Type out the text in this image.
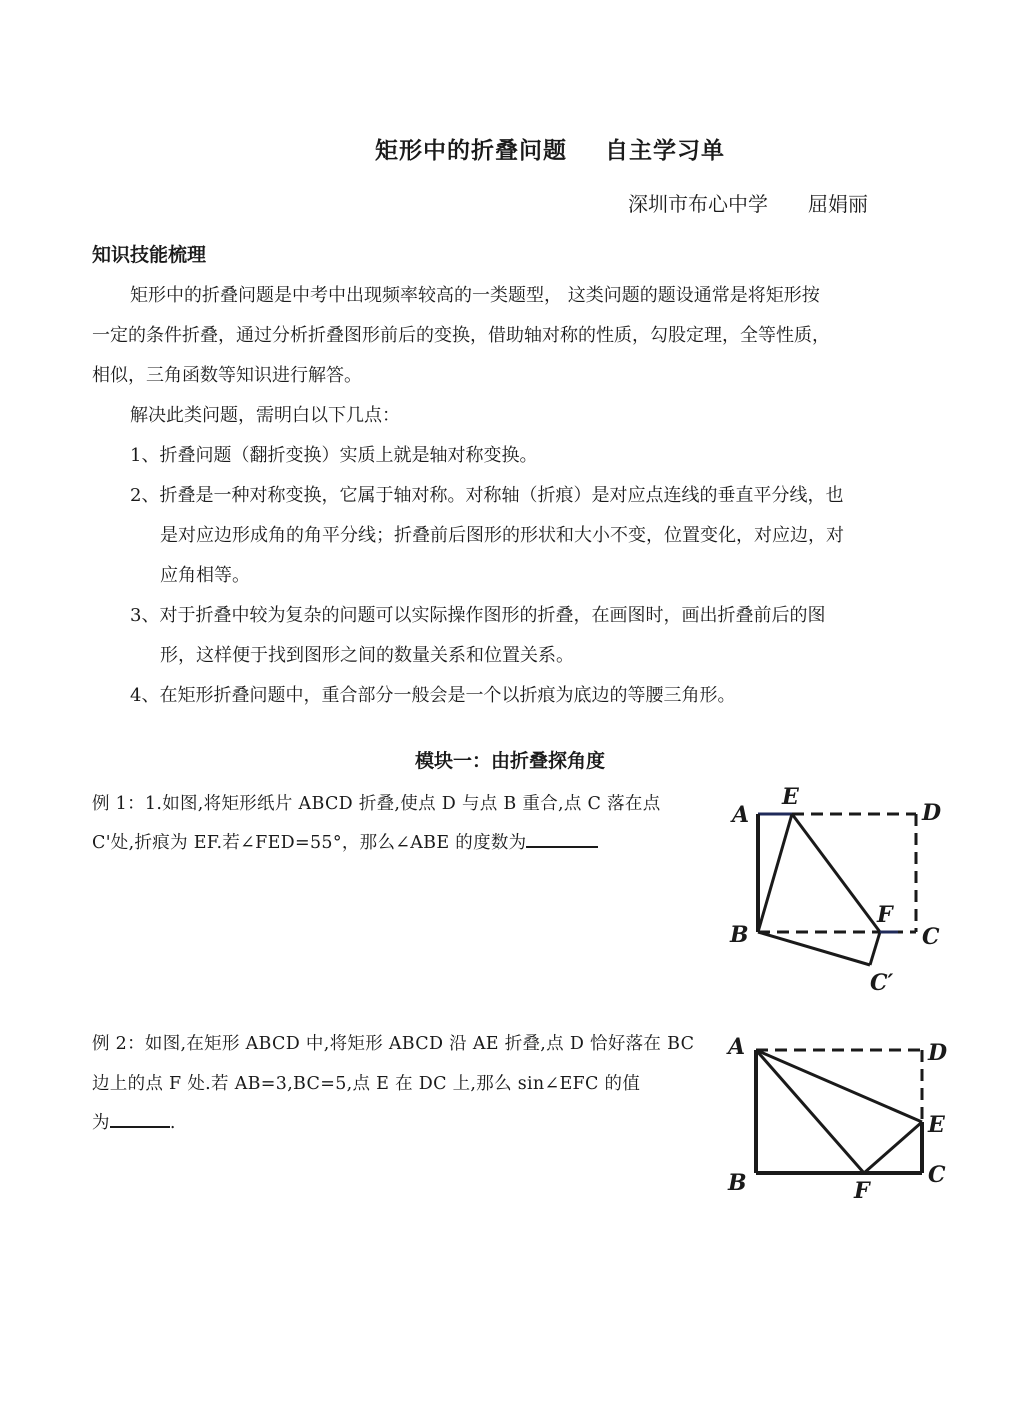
矩形中的折叠问题 自主学习单
深圳市布心中学 屈娟丽
知识技能梳理
矩形中的折叠问题是中考中出现频率较高的一类题型， 这类问题的题设通常是将矩形按
一定的条件折叠，通过分析折叠图形前后的变换，借助轴对称的性质，勾股定理，全等性质，
相似，三角函数等知识进行解答。
解决此类问题，需明白以下几点：
1、折叠问题（翻折变换）实质上就是轴对称变换。
2、折叠是一种对称变换，它属于轴对称。对称轴（折痕）是对应点连线的垂直平分线，也
是对应边形成角的角平分线；折叠前后图形的形状和大小不变，位置变化，对应边，对
应角相等。
3、对于折叠中较为复杂的问题可以实际操作图形的折叠，在画图时，画出折叠前后的图
形，这样便于找到图形之间的数量关系和位置关系。
4、在矩形折叠问题中，重合部分一般会是一个以折痕为底边的等腰三角形。
模块一：由折叠探角度
例 1：1.如图,将矩形纸片 ABCD 折叠,使点 D 与点 B 重合,点 C 落在点
C'处,折痕为 EF.若∠FED=55°，那么∠ABE 的度数为
例 2：如图,在矩形 ABCD 中,将矩形 ABCD 沿 AE 折叠,点 D 恰好落在 BC
边上的点 F 处.若 AB=3,BC=5,点 E 在 DC 上,那么 sin∠EFC 的值
为	.
A
E
D
B
F
C
C′
A	D
E
B	F
C
